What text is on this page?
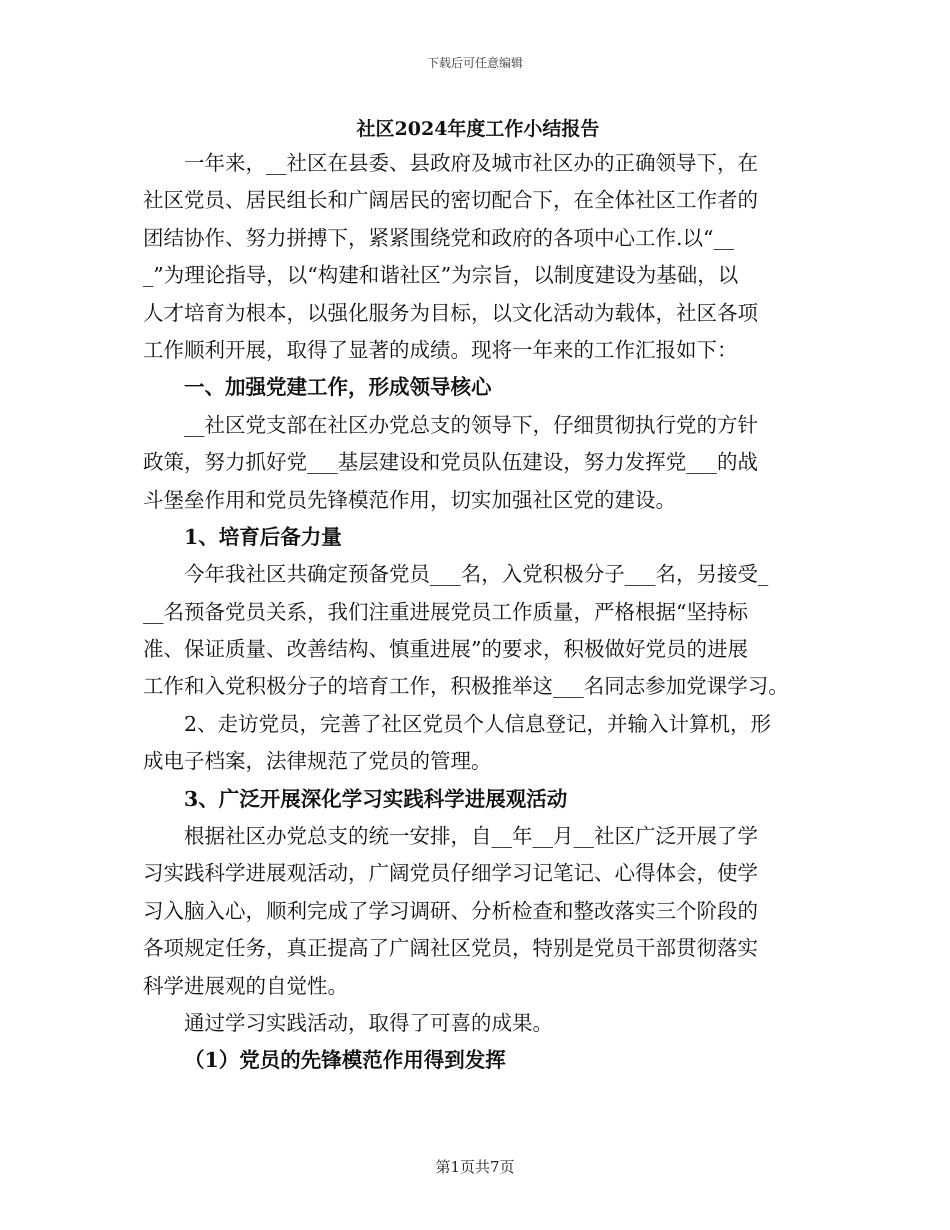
下载后可任意编辑
社区2024年度工作小结报告
一年来，__社区在县委、县政府及城市社区办的正确领导下，在
社区党员、居民组长和广阔居民的密切配合下，在全体社区工作者的
团结协作、努力拼搏下，紧紧围绕党和政府的各项中心工作.以“__
_”为理论指导，以“构建和谐社区”为宗旨，以制度建设为基础，以
人才培育为根本，以强化服务为目标，以文化活动为载体，社区各项
工作顺利开展，取得了显著的成绩。现将一年来的工作汇报如下：
一、加强党建工作，形成领导核心
__社区党支部在社区办党总支的领导下，仔细贯彻执行党的方针
政策，努力抓好党___基层建设和党员队伍建设，努力发挥党___的战
斗堡垒作用和党员先锋模范作用，切实加强社区党的建设。
1、培育后备力量
今年我社区共确定预备党员___名，入党积极分子___名，另接受_
__名预备党员关系，我们注重进展党员工作质量，严格根据“坚持标
准、保证质量、改善结构、慎重进展”的要求，积极做好党员的进展
工作和入党积极分子的培育工作，积极推举这___名同志参加党课学习。
2、走访党员，完善了社区党员个人信息登记，并输入计算机，形
成电子档案，法律规范了党员的管理。
3、广泛开展深化学习实践科学进展观活动
根据社区办党总支的统一安排，自__年__月__社区广泛开展了学
习实践科学进展观活动，广阔党员仔细学习记笔记、心得体会，使学
习入脑入心，顺利完成了学习调研、分析检查和整改落实三个阶段的
各项规定任务，真正提高了广阔社区党员，特别是党员干部贯彻落实
科学进展观的自觉性。
通过学习实践活动，取得了可喜的成果。
（1）党员的先锋模范作用得到发挥
第1页共7页
